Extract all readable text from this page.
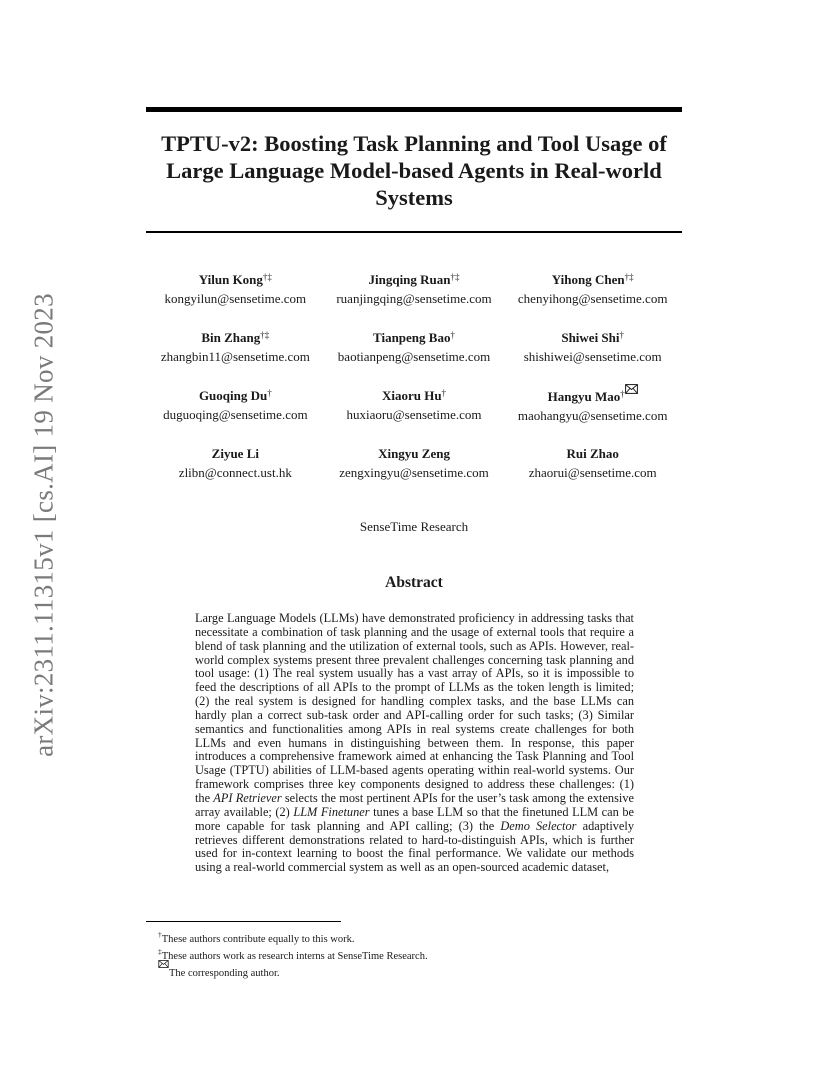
arXiv:2311.11315v1 [cs.AI] 19 Nov 2023
TPTU-v2: Boosting Task Planning and Tool Usage of
Large Language Model-based Agents in Real-world
Systems
Yilun Kong†‡
kongyilun@sensetime.com
Jingqing Ruan†‡
ruanjingqing@sensetime.com
Yihong Chen†‡
chenyihong@sensetime.com
Bin Zhang†‡
zhangbin11@sensetime.com
Tianpeng Bao†
baotianpeng@sensetime.com
Shiwei Shi†
shishiwei@sensetime.com
Guoqing Du†
duguoqing@sensetime.com
Xiaoru Hu†
huxiaoru@sensetime.com
Hangyu Mao†
maohangyu@sensetime.com
Ziyue Li
zlibn@connect.ust.hk
Xingyu Zeng
zengxingyu@sensetime.com
Rui Zhao
zhaorui@sensetime.com
SenseTime Research
Abstract

Large Language Models (LLMs) have demonstrated proficiency in addressing tasks that necessitate a combination of task planning and the usage of external tools that require a blend of task planning and the utilization of external tools, such as APIs. However, real-world complex systems present three prevalent challenges concerning task planning and tool usage: (1) The real system usually has a vast array of APIs, so it is impossible to feed the descriptions of all APIs to the prompt of LLMs as the token length is limited; (2) the real system is designed for handling complex tasks, and the base LLMs can hardly plan a correct sub-task order and API-calling order for such tasks; (3) Similar semantics and functionalities among APIs in real systems create challenges for both LLMs and even humans in distinguishing between them. In response, this paper introduces a comprehensive framework aimed at enhancing the Task Planning and Tool Usage (TPTU) abilities of LLM-based agents operating within real-world systems. Our framework comprises three key components designed to address these challenges: (1) the API Retriever selects the most pertinent APIs for the user’s task among the extensive array available; (2) LLM Finetuner tunes a base LLM so that the finetuned LLM can be more capable for task planning and API calling; (3) the Demo Selector adaptively retrieves different demonstrations related to hard-to-distinguish APIs, which is further used for in-context learning to boost the final performance. We validate our methods using a real-world commercial system as well as an open-sourced academic dataset,

†These authors contribute equally to this work.
‡These authors work as research interns at SenseTime Research.
The corresponding author.
